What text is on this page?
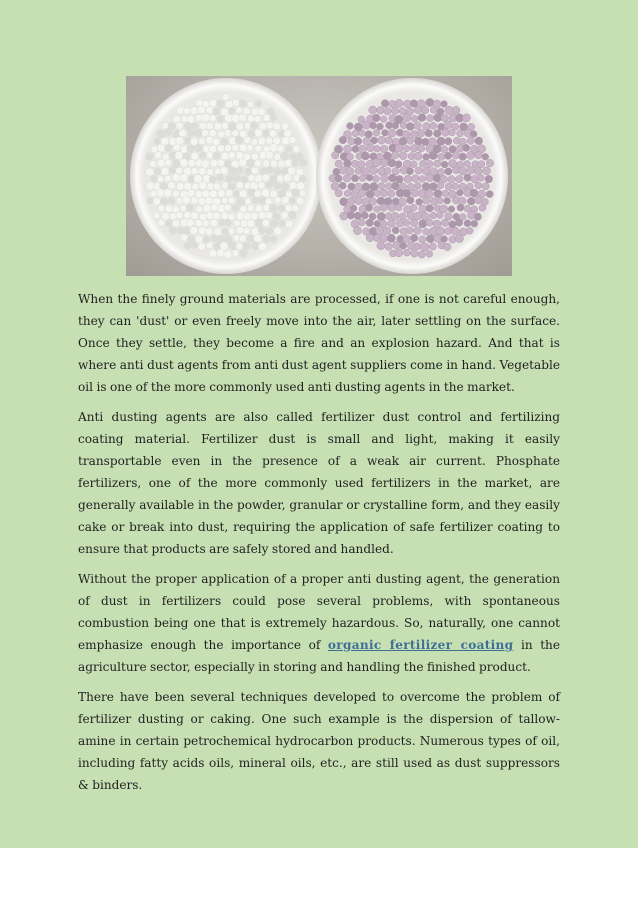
When the finely ground materials are processed, if one is not careful enough, they can 'dust' or even freely move into the air, later settling on the surface. Once they settle, they become a fire and an explosion hazard. And that is where anti dust agents from anti dust agent suppliers come in hand. Vegetable oil is one of the more commonly used anti dusting agents in the market.

Anti dusting agents are also called fertilizer dust control and fertilizing coating material. Fertilizer dust is small and light, making it easily transportable even in the presence of a weak air current. Phosphate fertilizers, one of the more commonly used fertilizers in the market, are generally available in the powder, granular or crystalline form, and they easily cake or break into dust, requiring the application of safe fertilizer coating to ensure that products are safely stored and handled.

Without the proper application of a proper anti dusting agent, the generation of dust in fertilizers could pose several problems, with spontaneous combustion being one that is extremely hazardous. So, naturally, one cannot emphasize enough the importance of organic fertilizer coating in the agriculture sector, especially in storing and handling the finished product.

There have been several techniques developed to overcome the problem of fertilizer dusting or caking. One such example is the dispersion of tallow-amine in certain petrochemical hydrocarbon products. Numerous types of oil, including fatty acids oils, mineral oils, etc., are still used as dust suppressors & binders.
